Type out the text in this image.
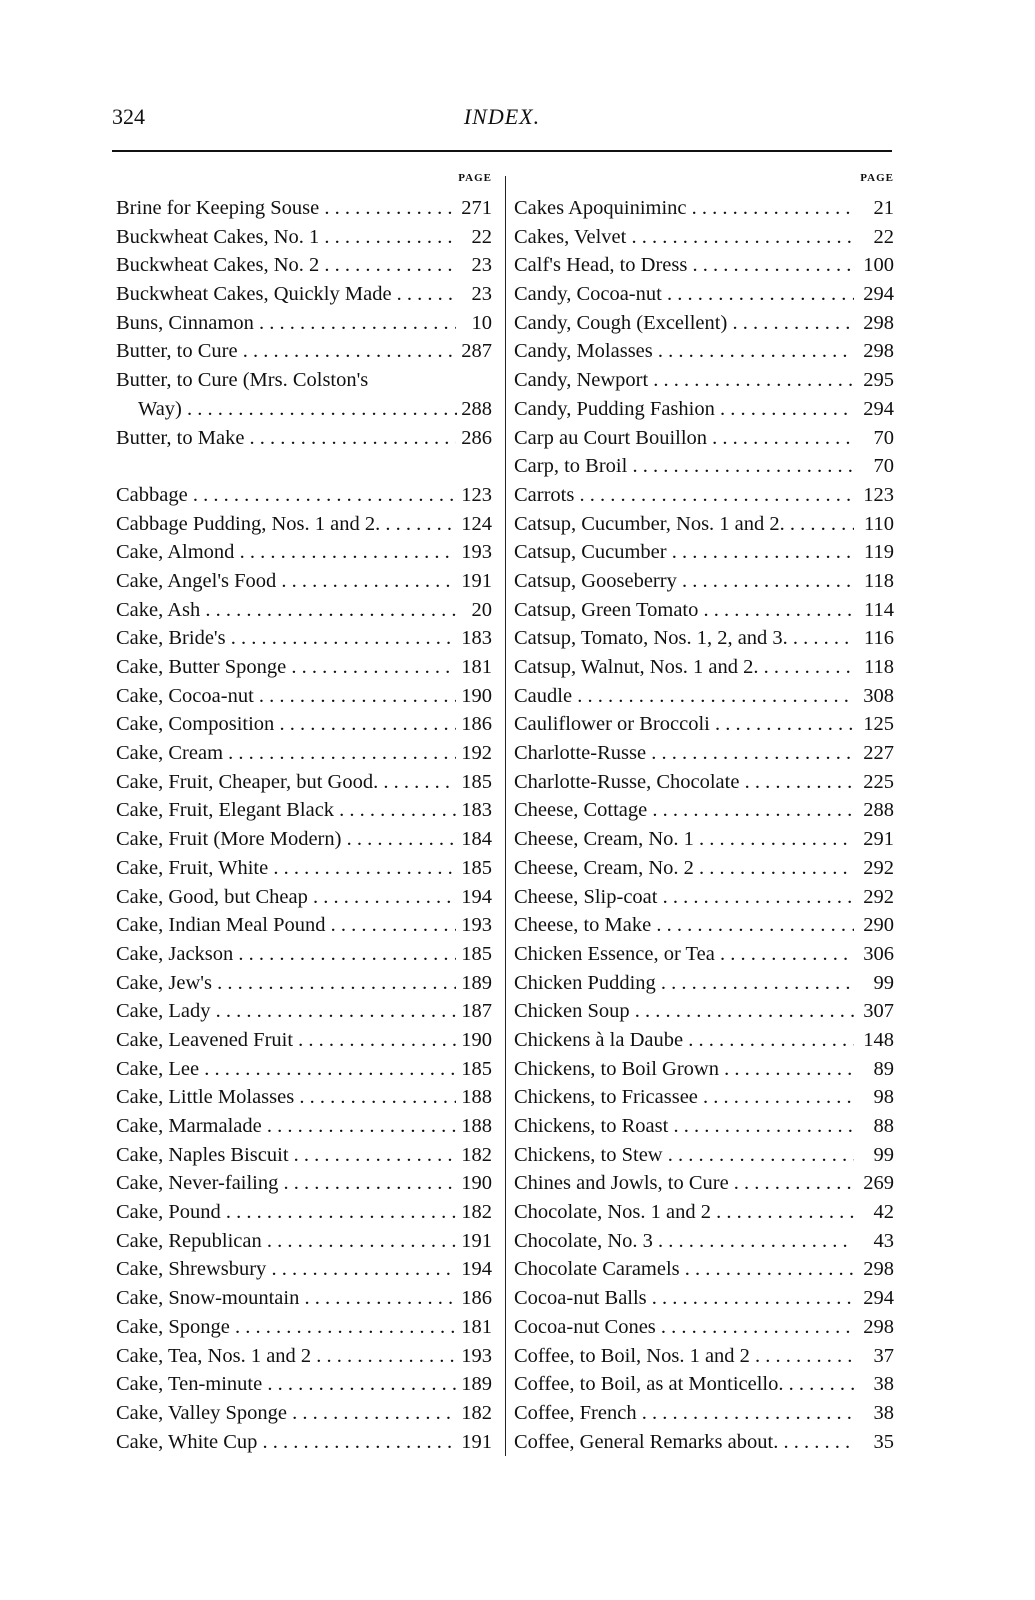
324	INDEX.
PAGE
Brine for Keeping Souse . . .	271
Buckwheat Cakes, No. 1 . . .	22
Buckwheat Cakes, No. 2 . . .	23
Buckwheat Cakes, Quickly Made . . .	23
Buns, Cinnamon . . .	10
Butter, to Cure . . .	287
Butter, to Cure (Mrs. Colston's
Way) . . .	288
Butter, to Make . . .	286
Cabbage . . .	123
Cabbage Pudding, Nos. 1 and 2. . . .	124
Cake, Almond . . .	193
Cake, Angel's Food . . .	191
Cake, Ash . . .	20
Cake, Bride's . . .	183
Cake, Butter Sponge . . .	181
Cake, Cocoa-nut . . .	190
Cake, Composition . . .	186
Cake, Cream . . .	192
Cake, Fruit, Cheaper, but Good. . . .	185
Cake, Fruit, Elegant Black . . .	183
Cake, Fruit (More Modern) . . .	184
Cake, Fruit, White . . .	185
Cake, Good, but Cheap . . .	194
Cake, Indian Meal Pound . . .	193
Cake, Jackson . . .	185
Cake, Jew's . . .	189
Cake, Lady . . .	187
Cake, Leavened Fruit . . .	190
Cake, Lee . . .	185
Cake, Little Molasses . . .	188
Cake, Marmalade . . .	188
Cake, Naples Biscuit . . .	182
Cake, Never-failing . . .	190
Cake, Pound . . .	182
Cake, Republican . . .	191
Cake, Shrewsbury . . .	194
Cake, Snow-mountain . . .	186
Cake, Sponge . . .	181
Cake, Tea, Nos. 1 and 2 . . .	193
Cake, Ten-minute . . .	189
Cake, Valley Sponge . . .	182
Cake, White Cup . . .	191
PAGE
Cakes Apoquiniminc . . .	21
Cakes, Velvet . . .	22
Calf's Head, to Dress . . .	100
Candy, Cocoa-nut . . .	294
Candy, Cough (Excellent) . . .	298
Candy, Molasses . . .	298
Candy, Newport . . .	295
Candy, Pudding Fashion . . .	294
Carp au Court Bouillon . . .	70
Carp, to Broil . . .	70
Carrots . . .	123
Catsup, Cucumber, Nos. 1 and 2. . . .	110
Catsup, Cucumber . . .	119
Catsup, Gooseberry . . .	118
Catsup, Green Tomato . . .	114
Catsup, Tomato, Nos. 1, 2, and 3. . . .	116
Catsup, Walnut, Nos. 1 and 2. . . .	118
Caudle . . .	308
Cauliflower or Broccoli . . .	125
Charlotte-Russe . . .	227
Charlotte-Russe, Chocolate . . .	225
Cheese, Cottage . . .	288
Cheese, Cream, No. 1 . . .	291
Cheese, Cream, No. 2 . . .	292
Cheese, Slip-coat . . .	292
Cheese, to Make . . .	290
Chicken Essence, or Tea . . .	306
Chicken Pudding . . .	99
Chicken Soup . . .	307
Chickens à la Daube . . .	148
Chickens, to Boil Grown . . .	89
Chickens, to Fricassee . . .	98
Chickens, to Roast . . .	88
Chickens, to Stew . . .	99
Chines and Jowls, to Cure . . .	269
Chocolate, Nos. 1 and 2 . . .	42
Chocolate, No. 3 . . .	43
Chocolate Caramels . . .	298
Cocoa-nut Balls . . .	294
Cocoa-nut Cones . . .	298
Coffee, to Boil, Nos. 1 and 2 . . .	37
Coffee, to Boil, as at Monticello. . . .	38
Coffee, French . . .	38
Coffee, General Remarks about. . . .	35
